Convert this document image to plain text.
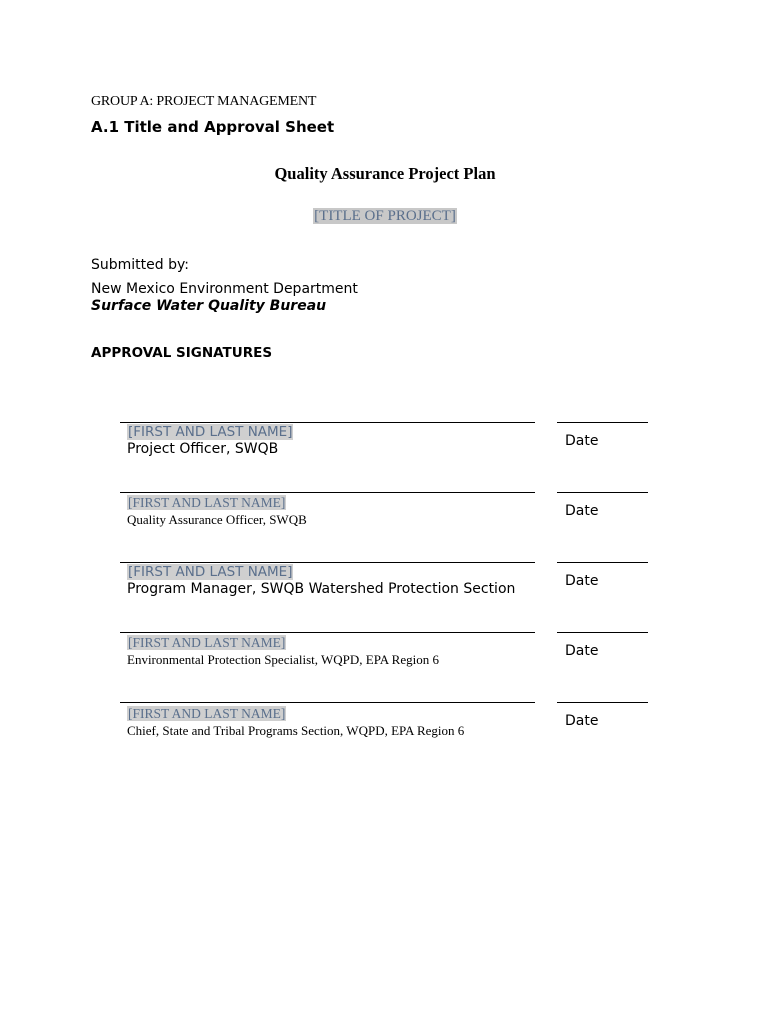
GROUP A: PROJECT MANAGEMENT
A.1 Title and Approval Sheet
Quality Assurance Project Plan
[TITLE OF PROJECT]
Submitted by:
New Mexico Environment Department
Surface Water Quality Bureau
APPROVAL SIGNATURES
[FIRST AND LAST NAME]
Project Officer, SWQB	Date
[FIRST AND LAST NAME]
Quality Assurance Officer, SWQB
Date
[FIRST AND LAST NAME]
Program Manager, SWQB Watershed Protection Section	Date
[FIRST AND LAST NAME]
Environmental Protection Specialist, WQPD, EPA Region 6
Date
[FIRST AND LAST NAME]
Chief, State and Tribal Programs Section, WQPD, EPA Region 6
Date
